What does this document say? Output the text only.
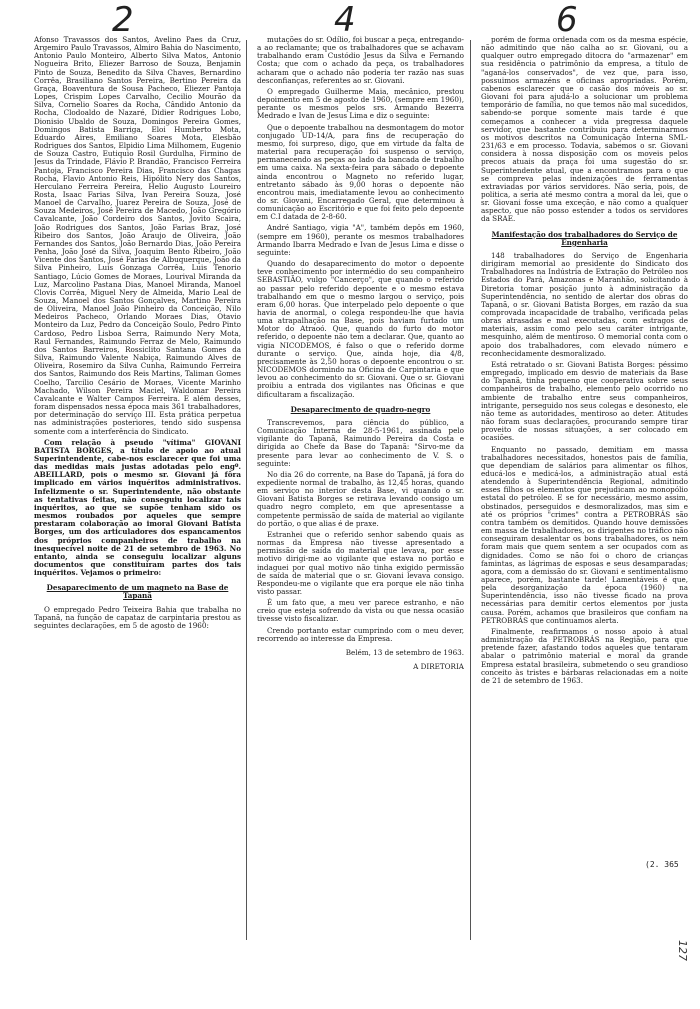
2	4	6

Afonso Travassos dos Santos, Avelino Paes da Cruz, Argemiro Paulo Travassos, Almiro Bahia do Nascimento, Antonio Paulo Monteiro, Alberto Silva Matos, Antonio Nogueira Brito, Eliezer Barroso de Souza, Benjamin Pinto de Souza, Benedito da Silva Chaves, Bernardino Corrêa, Brasiliano Santos Pereira, Bertino Pereira da Graça, Boaventura de Sousa Pacheco, Eliezer Pantoja Lopes, Crispim Lopes Carvalho, Cecilio Mourão da Silva, Cornelio Soares da Rocha, Cândido Antonio da Rocha, Clodoaldo de Nazaré, Didier Rodrigues Lobo, Dionisio Ubaldo de Souza, Domingos Pereira Gomes, Domingos Batista Barriga, Eloi Humberto Mota, Eduardo Aires, Emiliano Soares Mota, Elesbão Rodrigues dos Santos, Elpidio Lima Milhomem, Eugenio de Souza Castro, Eutiquio Rosil Gurdulha, Firmino de Jesus da Trindade, Flávio P. Brandão, Francisco Ferreira Pantoja, Francisco Pereira Dias, Francisco das Chagas Rocha, Flavio Antonio Reis, Hipólito Nery dos Santos, Herculano Ferreira Pereira, Helio Augusto Loureiro Rosta, Isaac Farias Silva, Ivan Pereira Souza, José Manoel de Carvalho, Juarez Pereira de Souza, José de Souza Medeiros, José Pereira de Macedo, João Gregório Cavalcante, João Cordeiro dos Santos, Jovito Scaira, João Rodrigues dos Santos, João Farias Braz, José Ribeiro dos Santos, João Araujo de Oliveira, João Fernandes dos Santos, João Bernardo Dias, João Pereira Penha, João José da Silva, Joaquim Bento Ribeiro, João Vicente dos Santos, José Farias de Albuquerque, João da Silva Pinheiro, Luis Gonzaga Corrêa, Luis Tenorio Santiago, Lúcio Gomes de Moraes, Lourival Miranda da Luz, Marcolino Pastana Dias, Manoel Miranda, Manoel Clovis Corrêa, Miguel Nery de Almeida, Mario Leal de Souza, Manoel dos Santos Gonçalves, Martino Pereira de Oliveira, Manoel João Pinheiro da Conceição, Nilo Medeiros Pacheco, Orlando Moraes Dias, Otavio Monteiro da Luz, Pedro da Conceição Soulo, Pedro Pinto Cardoso, Pedro Lisboa Serra, Raimundo Nery Mota, Raul Fernandes, Raimundo Ferraz de Melo, Raimundo dos Santos Barreiros, Rossiclito Santana Gomes da Silva, Raimundo Valente Nabiça, Raimundo Alves de Oliveira, Rosemiro da Silva Cunha, Raimundo Ferreira dos Santos, Raimundo dos Reis Martins, Taliman Gomes Coelho, Tarcilio Cesário de Moraes, Vicente Marinho Machado, Wilson Pereira Maciel, Waldomar Pereira Cavalcante e Walter Campos Ferreira. E além desses, foram dispensados nessa época mais 361 trabalhadores, por determinação do serviço III. Esta prática perpetua nas administrações posteriores, tendo sido suspensa somente com a interferência do Sindicato.

Com relação à pseudo "vítima" GIOVANI BATISTA BORGES, a título de apoio ao atual Superintendente, cabe-nos esclarecer que foi uma das medidas mais justas adotadas pelo engº. ABEILLARD, pois o mesmo sr. Giovani já fôra implicado em vários inquéritos administrativos. Infelizmente o sr. Superintendente, não obstante as tentativas feitas, não conseguiu localizar tais inquéritos, ao que se supõe tenham sido os mesmos roubados por aqueles que sempre prestaram colaboração ao imoral Giovani Batista Borges, um dos articuladores dos espancamentos dos próprios companheiros de trabalho na inesquecível noite de 21 de setembro de 1963. No entanto, ainda se conseguiu localizar alguns documentos que constituíram partes dos tais inquéritos. Vejamos o primeiro:

Desaparecimento de um magneto na Base de Tapanã

O empregado Pedro Teixeira Bahia que trabalha no Tapanã, na função de capataz de carpintaria prestou as seguintes declarações, em 5 de agosto de 1960:

mutações do sr. Odílio, foi buscar a peça, entregando-a ao reclamante; que os trabalhadores que se achavam trabalhando eram Custódio Jesus da Silva e Fernando Costa; que com o achado da peça, os trabalhadores acharam que o achado não poderia ter razão nas suas desconfianças, referentes ao sr. Giovani.

O empregado Guilherme Maia, mecânico, prestou depoimento em 5 de agosto de 1960, (sempre em 1960), perante os mesmos pelos srs. Armando Bezerra Medrado e Ivan de Jesus Lima e diz o seguinte:

Que o depoente trabalhou na desmontagem do motor conjugado UD-14/A, para fins de recuperação do mesmo, foi surpreso, digo, que em virtude da falta de material para recuperação foi suspenso o serviço, permanecendo as peças ao lado da bancada de trabalho em uma caixa. Na sexta-feira para sábado o depoente ainda encontrou o Magneto no referido lugar, entretanto sábado às 9,00 horas o depoente não encontrou mais, imediatamente levou ao conhecimento do sr. Giovani, Encarregado Geral, que determinou à comunicação ao Escritório e que foi feito pelo depoente em C.I datada de 2-8-60.

André Santiago, vigia "A", também depôs em 1960, (sempre em 1960), perante os mesmos trabalhadores Armando Ibarra Medrado e Ivan de Jesus Lima e disse o seguinte:

Quando do desaparecimento do motor o depoente teve conhecimento por intermédio do seu companheiro SEBASTIÃO, vulgo "Cancerço", que quando o referido ao passar pelo referido depoente e o mesmo estava trabalhando em que o mesmo largou o serviço, pois eram 6,00 horas. Que interpelado pelo depoente o que havia de anormal, o colega respondeu-lhe que havia uma atrapalhação na Base, pois haviam furtado um Motor do Atraoó. Que, quando do furto do motor referido, o depoente não tem a declarar. Que, quanto ao vigia NICODEMOS, é falso o que o referido dorme durante o serviço. Que, ainda hoje, dia 4/8, precisamente às 2,50 horas o depoente encontrou o sr. NICODEMOS dormindo na Oficina de Carpintaria e que levou ao conhecimento do sr. Giovani. Que o sr. Giovani proibiu a entrada dos vigilantes nas Oficinas e que dificultaram a fiscalização.

Desaparecimento de quadro-negro

Transcrevemos, para ciência do público, a Comunicação Interna de 28-5-1961, assinada pelo vigilante do Tapanã, Raimundo Pereira da Costa e dirigida ao Chefe da Base do Tapanã: "Sirvo-me da presente para levar ao conhecimento de V. S. o seguinte:

No dia 26 do corrente, na Base do Tapanã, já fora do expediente normal de trabalho, às 12,45 horas, quando em serviço no interior desta Base, vi quando o sr. Giovani Batista Borges se retirava levando consigo um quadro negro completo, em que apresentasse a competente permissão de saída de material ao vigilante do portão, o que alias é de praxe.

Estranhei que o referido senhor sabendo quais as normas da Empresa não tivesse apresentado a permissão de saída do material que levava, por esse motivo dirigi-me ao vigilante que estava no portão e indaguei por qual motivo não tinha exigido permissão de saída de material que o sr. Giovani levava consigo. Respondeu-me o vigilante que era porque ele não tinha visto passar.

É um fato que, a meu ver parece estranho, e não creio que esteja sofrendo da vista ou que nessa ocasião tivesse visto fiscalizar.

Crendo portanto estar cumprindo com o meu dever, recorrendo ao interesse da Empresa.

Belém, 13 de setembro de 1963.

A DIRETORIA

porém de forma ordenada com os da mesma espécie, não admitindo que não calha ao sr. Giovani, ou a qualquer outro empregado ditocra do "armazenar" em sua residência o patrimônio da empresa, a título de "aganá-los conservados", de vez que, para isso, possuimos armazéns e oficinas apropriadas. Porém, cabenos esclarecer que o casão dos móveis ao sr. Giovani foi para ajudá-lo a solucionar um problema temporário de família, no que temos não mal sucedidos, sabendo-se porque somente mais tarde é que começamos a conhecer a vida pregressa daquele servidor, que bastante contribuiu para determinarmos os motivos descritos na Comunicação Interna SML-231/63 e em processo. Todavia, sabemos o sr. Giovani considera à nossa disposição com os moveis pelos precos atuais da praça foi uma sugestão do sr. Superintendente atual, que a encontramos para o que se compreva pelas indenizações de ferramentas extraviadas por vários servidores. Não seria, pois, de politica, a seria até mesmo contra a moral da lei, que o sr. Giovani fosse uma exceção, e não como a qualquer aspecto, que não posso estender a todos os servidores da SRAE.

Manifestação dos trabalhadores do Serviço de Engenharia

148 trabalhadores do Serviço de Engenharia dirigiram memorial ao presidente do Sindicato dos Trabalhadores na Indústria de Extração do Petróleo nos Estados do Pará, Amazonas e Maranhão, solicitando à Diretoria tomar posição junto à administração da Superintendência, no sentido de alertar dos obras do Tapanã, o sr. Giovani Batista Borges, em razão da sua comprovada incapacidade de trabalho, verificada pelas obras atrasadas e mal executadas, com estragos de materiais, assim como pelo seu caráter intrigante, mesquinho, além de mentiroso. O memorial conta com o apoio dos trabalhadores, com elevado número e reconhecidamente desmoralizado.

Está retratado o sr. Giovani Batista Borges: péssimo empregado, implicado em desvio de materiais da Base do Tapanã, tinha pequeno que cooperativa sobre seus companheiros de trabalho, elemento pelo ocorrido no ambiente de trabalho entre seus companheiros, intrigante, perseguido nos seus colegas e desonesto, ele não teme as autoridades, mentiroso ao deter. Atitudes não foram suas declarações, procurando sempre tirar proveito de nossas situações, a ser colocado em ocasiões.

Enquanto no passado, demitiam em massa trabalhadores necessitados, honestos pais de família, que dependiam de salários para alimentar os filhos, educá-los e medicá-los, a administração atual está atendendo à Superintendência Regional, admitindo esses filhos os elementos que prejudicam ao monopólio estatal do petróleo. E se for necessário, mesmo assim, obstinados, perseguidos e desmoralizados, mas sim e até os próprios "crimes" contra a PETROBRÁS são contra também os demitidos. Quando houve demissões em massa de trabalhadores, os dirigentes no tráfico não conseguiram desalentar os bons trabalhadores, os nem foram mais que quem sentem a ser ocupados com as dignidades. Como se não foi o choro de crianças famintas, as lágrimas de esposas e seus desamparadas; agora, com a demissão do sr. Giovani e sentimentalismo aparece, porém, bastante tarde! Lamentáveis é que, pela desorganização da época (1960) na Superintendência, isso não tivesse ficado na prova necessárias para demitir certos elementos por justa causa. Porém, achamos que brasileiros que confiam na PETROBRÁS que continuamos alerta.

Finalmente, reafirmamos o nosso apoio à atual administração da PETROBRÁS na Região, para que pretende fazer, afastando todos aqueles que tentaram abalar o patrimônio material e moral da grande Empresa estatal brasileira, submetendo o seu grandioso conceito às tristes e bárbaras relacionadas em a noite de 21 de setembro de 1963.

(2. 365
127
